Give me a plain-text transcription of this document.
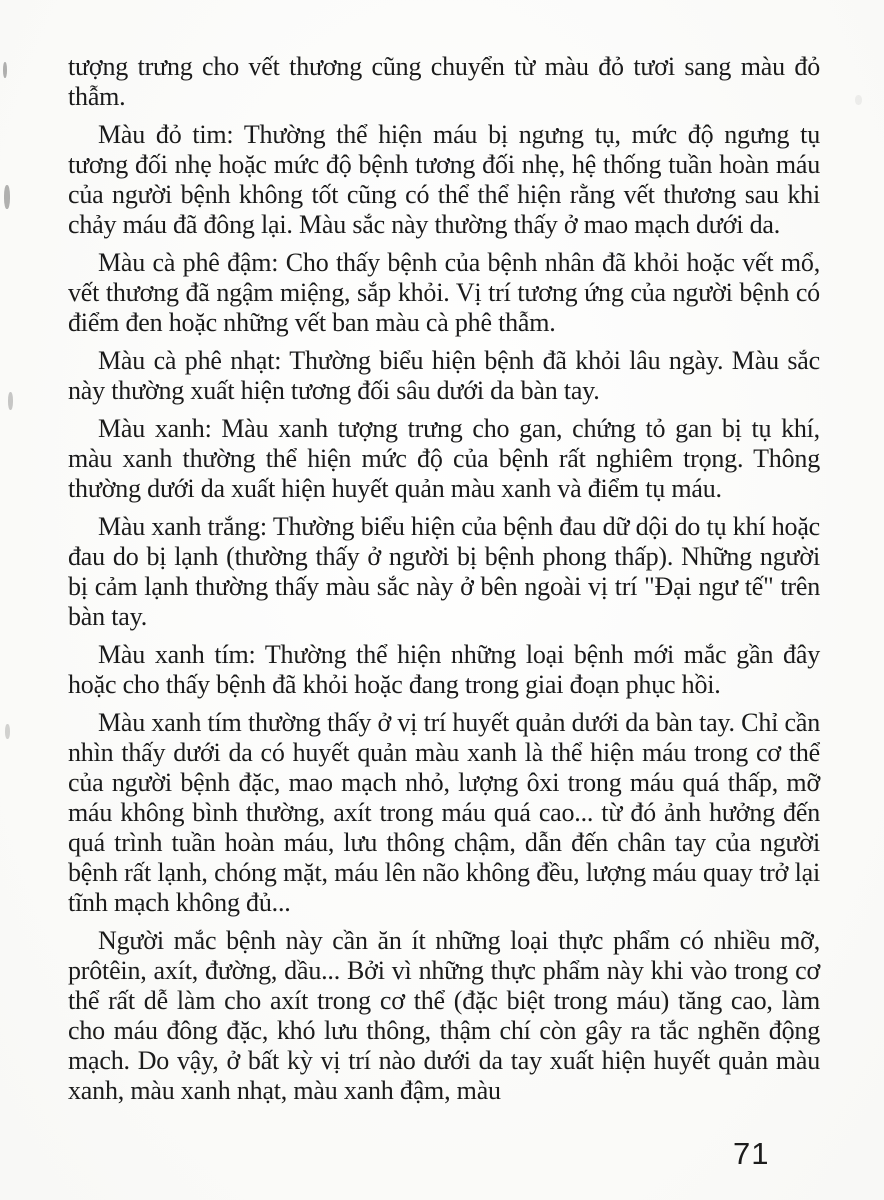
tượng trưng cho vết thương cũng chuyển từ màu đỏ tươi sang màu đỏ thẫm.

Màu đỏ tim: Thường thể hiện máu bị ngưng tụ, mức độ ngưng tụ tương đối nhẹ hoặc mức độ bệnh tương đối nhẹ, hệ thống tuần hoàn máu của người bệnh không tốt cũng có thể thể hiện rằng vết thương sau khi chảy máu đã đông lại. Màu sắc này thường thấy ở mao mạch dưới da.

Màu cà phê đậm: Cho thấy bệnh của bệnh nhân đã khỏi hoặc vết mổ, vết thương đã ngậm miệng, sắp khỏi. Vị trí tương ứng của người bệnh có điểm đen hoặc những vết ban màu cà phê thẫm.

Màu cà phê nhạt: Thường biểu hiện bệnh đã khỏi lâu ngày. Màu sắc này thường xuất hiện tương đối sâu dưới da bàn tay.

Màu xanh: Màu xanh tượng trưng cho gan, chứng tỏ gan bị tụ khí, màu xanh thường thể hiện mức độ của bệnh rất nghiêm trọng. Thông thường dưới da xuất hiện huyết quản màu xanh và điểm tụ máu.

Màu xanh trắng: Thường biểu hiện của bệnh đau dữ dội do tụ khí hoặc đau do bị lạnh (thường thấy ở người bị bệnh phong thấp). Những người bị cảm lạnh thường thấy màu sắc này ở bên ngoài vị trí "Đại ngư tế" trên bàn tay.

Màu xanh tím: Thường thể hiện những loại bệnh mới mắc gần đây hoặc cho thấy bệnh đã khỏi hoặc đang trong giai đoạn phục hồi.

Màu xanh tím thường thấy ở vị trí huyết quản dưới da bàn tay. Chỉ cần nhìn thấy dưới da có huyết quản màu xanh là thể hiện máu trong cơ thể của người bệnh đặc, mao mạch nhỏ, lượng ôxi trong máu quá thấp, mỡ máu không bình thường, axít trong máu quá cao... từ đó ảnh hưởng đến quá trình tuần hoàn máu, lưu thông chậm, dẫn đến chân tay của người bệnh rất lạnh, chóng mặt, máu lên não không đều, lượng máu quay trở lại tĩnh mạch không đủ...

Người mắc bệnh này cần ăn ít những loại thực phẩm có nhiều mỡ, prôtêin, axít, đường, dầu... Bởi vì những thực phẩm này khi vào trong cơ thể rất dễ làm cho axít trong cơ thể (đặc biệt trong máu) tăng cao, làm cho máu đông đặc, khó lưu thông, thậm chí còn gây ra tắc nghẽn động mạch. Do vậy, ở bất kỳ vị trí nào dưới da tay xuất hiện huyết quản màu xanh, màu xanh nhạt, màu xanh đậm, màu

71
